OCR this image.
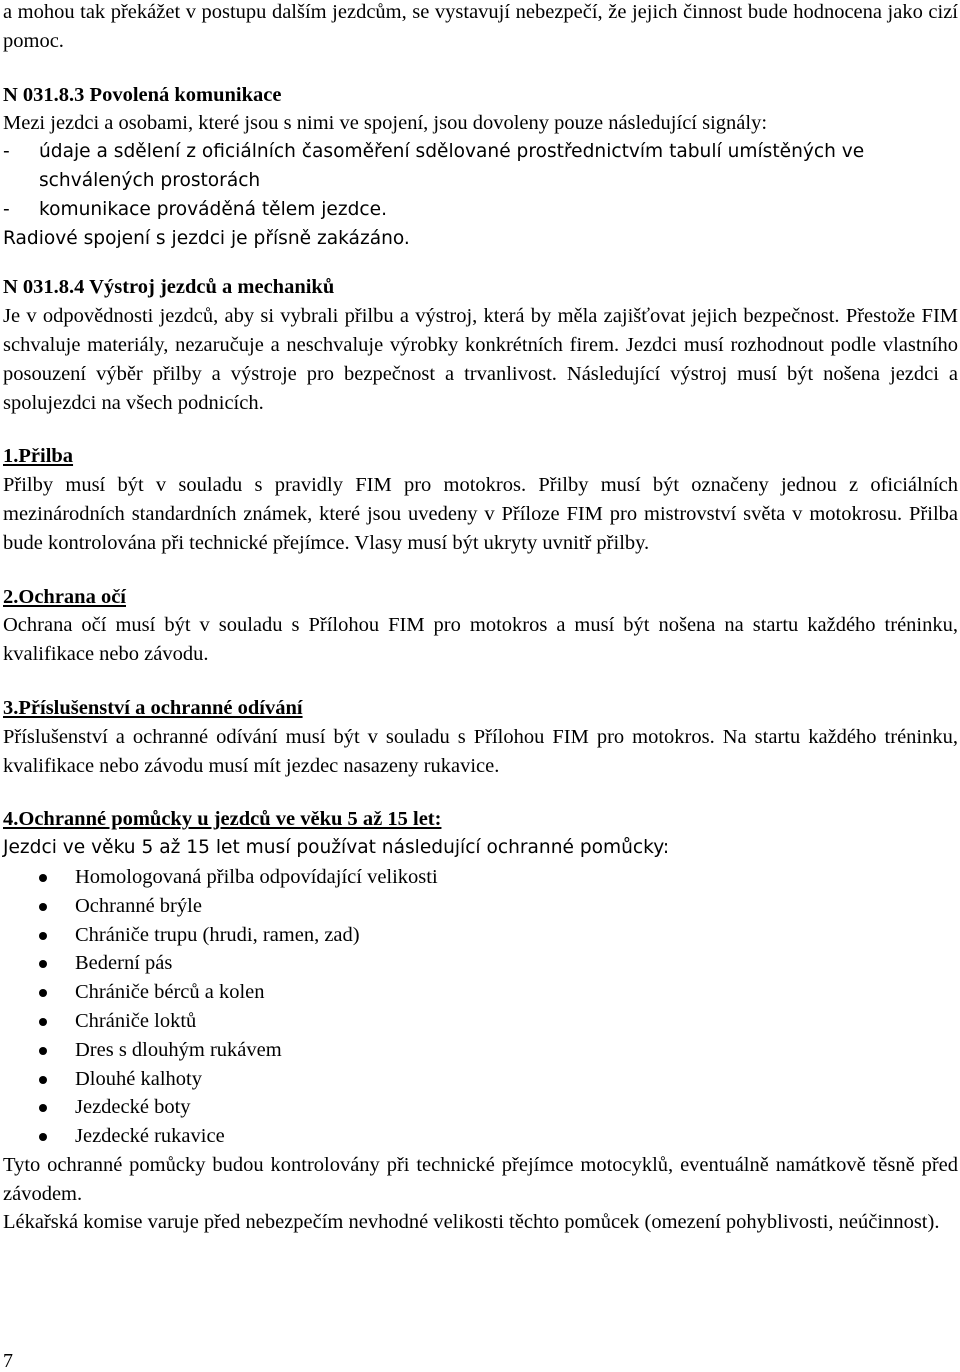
a mohou tak překážet v postupu dalším jezdcům, se vystavují nebezpečí, že jejich činnost bude hodnocena jako cizí pomoc.

N 031.8.3 Povolená komunikace

Mezi jezdci a osobami, které jsou s nimi ve spojení, jsou dovoleny pouze následující signály:

- údaje a sdělení z oficiálních časoměření sdělované prostřednictvím tabulí umístěných ve schválených prostorách
- komunikace prováděná tělem jezdce.

Radiové spojení s jezdci je přísně zakázáno.

N 031.8.4 Výstroj jezdců a mechaniků

Je v odpovědnosti jezdců, aby si vybrali přilbu a výstroj, která by měla zajišťovat jejich bezpečnost. Přestože FIM schvaluje materiály, nezaručuje a neschvaluje výrobky konkrétních firem. Jezdci musí rozhodnout podle vlastního posouzení výběr přilby a výstroje pro bezpečnost a trvanlivost. Následující výstroj musí být nošena jezdci a spolujezdci na všech podnicích.

1.Přilba

Přilby musí být v souladu s pravidly FIM pro motokros. Přilby musí být označeny jednou z oficiálních mezinárodních standardních známek, které jsou uvedeny v Příloze FIM pro mistrovství světa v motokrosu. Přilba bude kontrolována při technické přejímce. Vlasy musí být ukryty uvnitř přilby.

2.Ochrana očí

Ochrana očí musí být v souladu s Přílohou FIM pro motokros a musí být nošena na startu každého tréninku, kvalifikace nebo závodu.

3.Příslušenství a ochranné odívání

Příslušenství a ochranné odívání musí být v souladu s Přílohou FIM pro motokros. Na startu každého tréninku, kvalifikace nebo závodu musí mít jezdec nasazeny rukavice.

4.Ochranné pomůcky u jezdců ve věku 5 až 15 let:

Jezdci ve věku 5 až 15 let musí používat následující ochranné pomůcky:

Homologovaná přilba odpovídající velikosti
Ochranné brýle
Chrániče trupu (hrudi, ramen, zad)
Bederní pás
Chrániče bérců a kolen
Chrániče loktů
Dres s dlouhým rukávem
Dlouhé kalhoty
Jezdecké boty
Jezdecké rukavice

Tyto ochranné pomůcky budou kontrolovány při technické přejímce motocyklů, eventuálně namátkově těsně před závodem.

Lékařská komise varuje před nebezpečím nevhodné velikosti těchto pomůcek (omezení pohyblivosti, neúčinnost).

7
